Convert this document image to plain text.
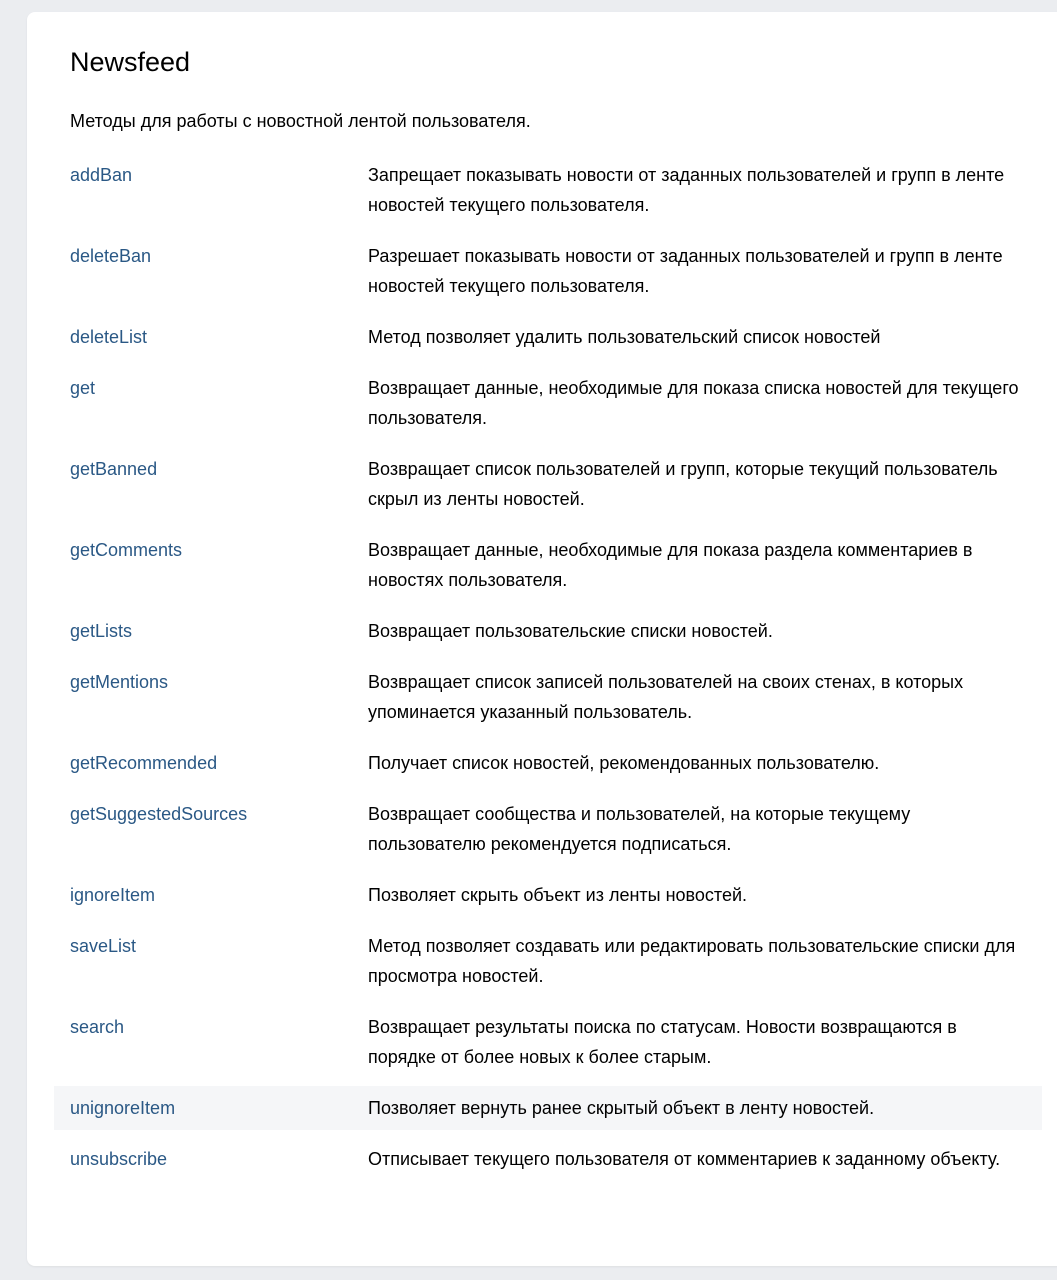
Newsfeed
Методы для работы с новостной лентой пользователя.
addBan	Запрещает показывать новости от заданных пользователей и групп в ленте новостей текущего пользователя.
deleteBan	Разрешает показывать новости от заданных пользователей и групп в ленте новостей текущего пользователя.
deleteList	Метод позволяет удалить пользовательский список новостей
get	Возвращает данные, необходимые для показа списка новостей для текущего пользователя.
getBanned	Возвращает список пользователей и групп, которые текущий пользователь скрыл из ленты новостей.
getComments	Возвращает данные, необходимые для показа раздела комментариев в новостях пользователя.
getLists	Возвращает пользовательские списки новостей.
getMentions	Возвращает список записей пользователей на своих стенах, в которых упоминается указанный пользователь.
getRecommended	Получает список новостей, рекомендованных пользователю.
getSuggestedSources	Возвращает сообщества и пользователей, на которые текущему пользователю рекомендуется подписаться.
ignoreItem	Позволяет скрыть объект из ленты новостей.
saveList	Метод позволяет создавать или редактировать пользовательские списки для просмотра новостей.
search	Возвращает результаты поиска по статусам. Новости возвращаются в порядке от более новых к более старым.
unignoreItem	Позволяет вернуть ранее скрытый объект в ленту новостей.
unsubscribe	Отписывает текущего пользователя от комментариев к заданному объекту.
